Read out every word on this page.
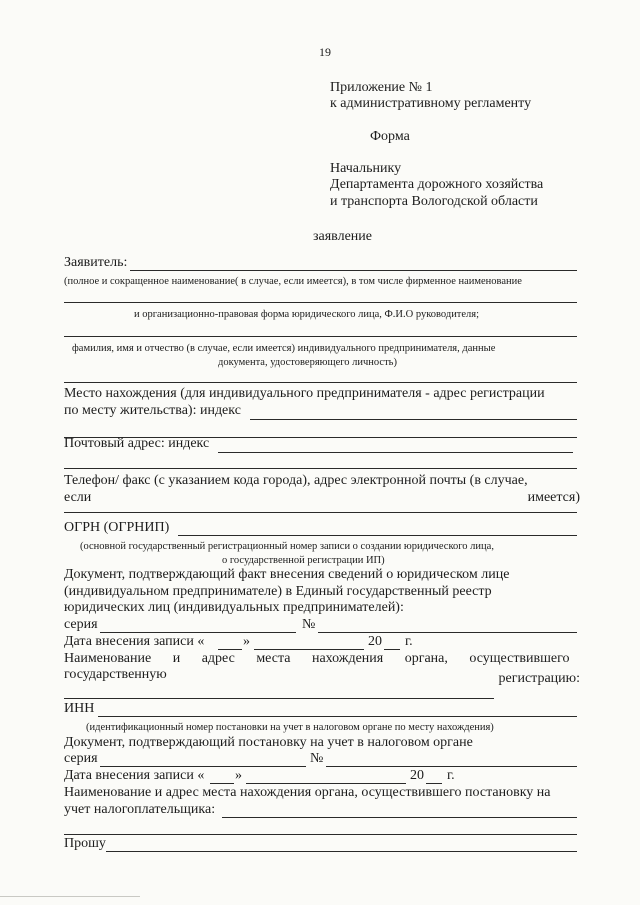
19
Приложение № 1
к административному регламенту
Форма
Начальнику
Департамента дорожного хозяйства
и транспорта Вологодской области
заявление
Заявитель:
(полное и сокращенное наименование( в случае, если имеется), в том числе фирменное наименование
и организационно-правовая форма юридического лица, Ф.И.О руководителя;
фамилия, имя и отчество (в случае, если имеется) индивидуального предпринимателя, данные
документа, удостоверяющего личность)
Место нахождения (для индивидуального предпринимателя - адрес регистрации
по месту жительства): индекс
Почтовый адрес: индекс
Телефон/ факс (с указанием кода города), адрес электронной почты (в случае,
если	имеется)
ОГРН (ОГРНИП)
(основной государственный регистрационный номер записи о создании юридического лица,
о государственной регистрации ИП)
Документ, подтверждающий факт внесения сведений о юридическом лице
(индивидуальном предпринимателе) в Единый государственный реестр
юридических лиц (индивидуальных предпринимателей):
серия	№
Дата внесения записи «	»	20 г.
Наименование и адрес места нахождения органа, осуществившего
государственную	регистрацию:
ИНН
(идентификационный номер постановки на учет в налоговом органе по месту нахождения)
Документ, подтверждающий постановку на учет в налоговом органе
серия	№
Дата внесения записи « »	20 г.
Наименование и адрес места нахождения органа, осуществившего постановку на
учет налогоплательщика:
Прошу
